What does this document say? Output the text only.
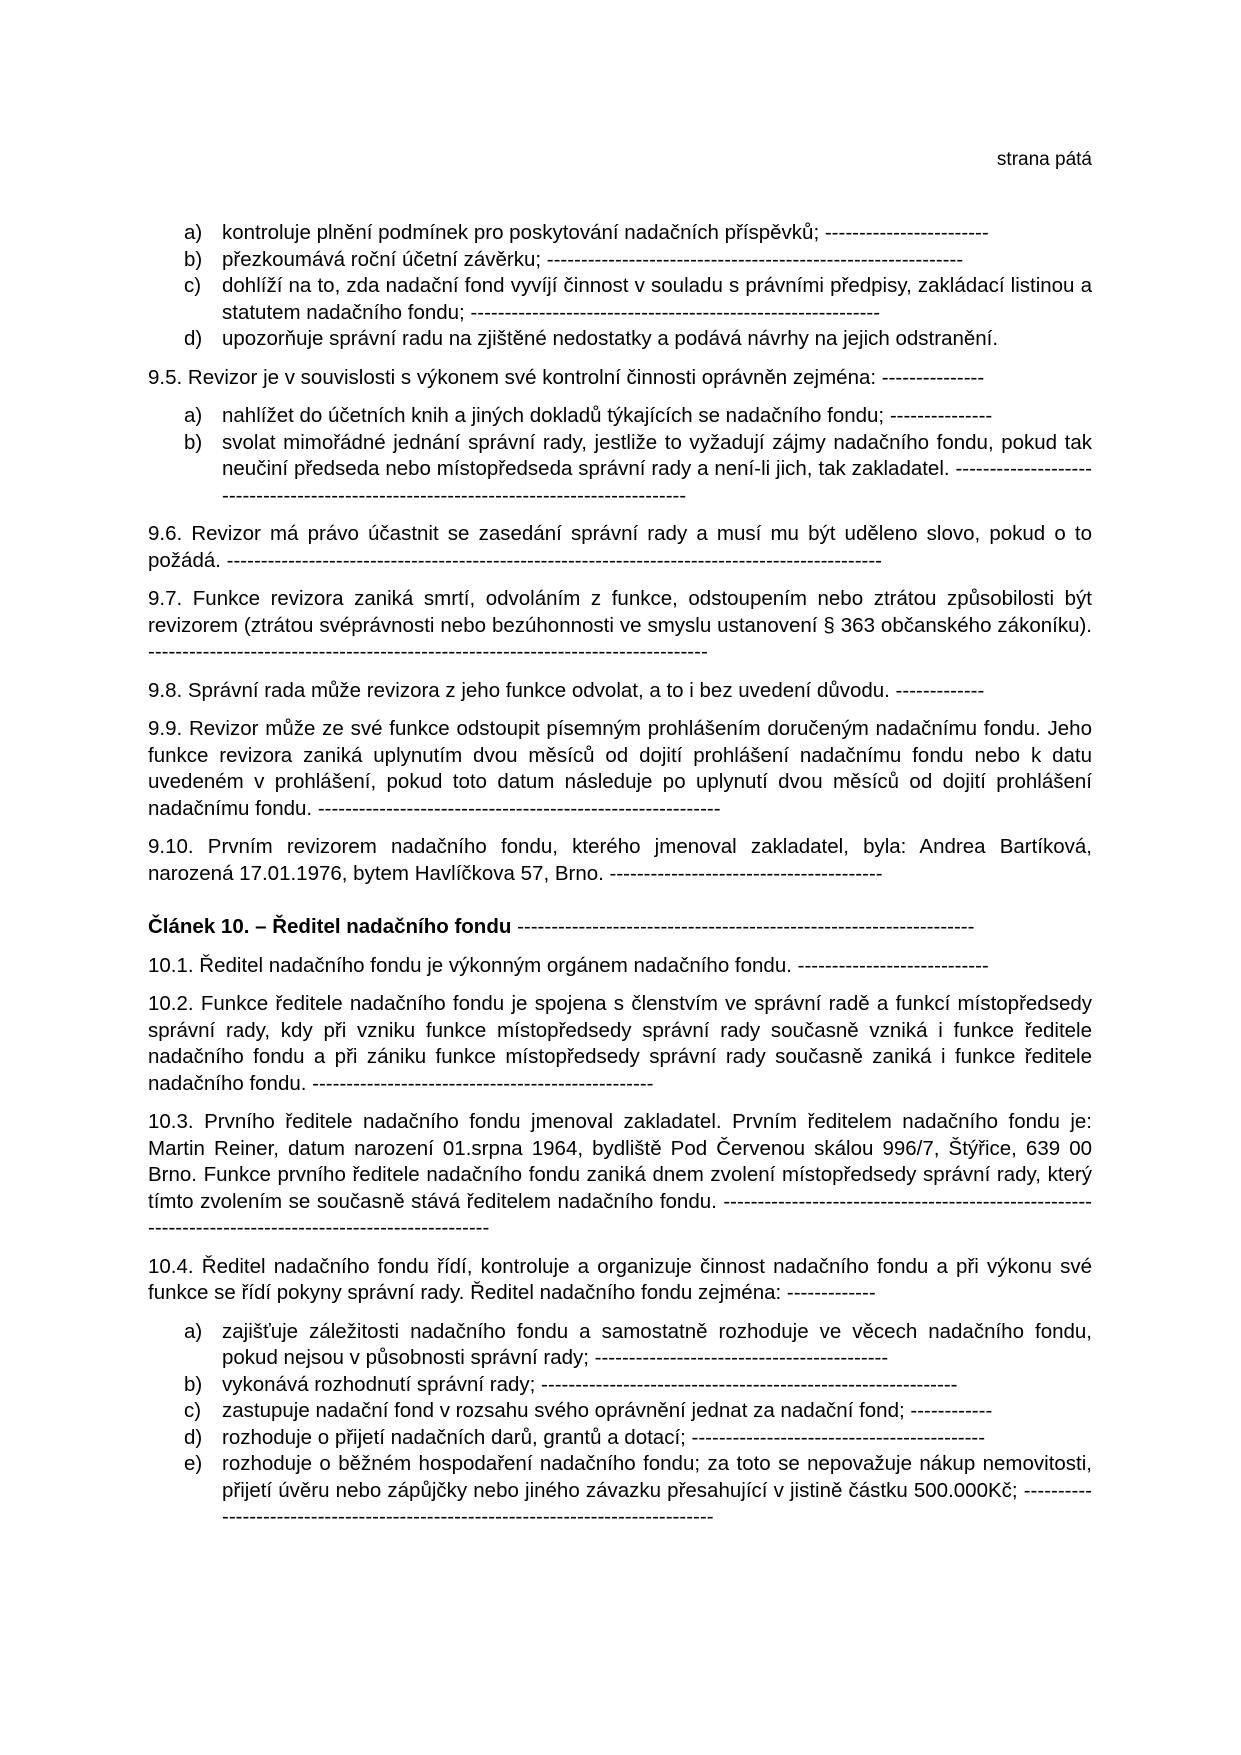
strana pátá
a) kontroluje plnění podmínek pro poskytování nadačních příspěvků; ------------------------
b) přezkoumává roční účetní závěrku; -------------------------------------------------------------
c) dohlíží na to, zda nadační fond vyvíjí činnost v souladu s právními předpisy, zakládací listinou a statutem nadačního fondu; ------------------------------------------------------------
d) upozorňuje správní radu na zjištěné nedostatky a podává návrhy na jejich odstranění.
9.5. Revizor je v souvislosti s výkonem své kontrolní činnosti oprávněn zejména: ---------------
a) nahlížet do účetních knih a jiných dokladů týkajících se nadačního fondu; ---------------
b) svolat mimořádné jednání správní rady, jestliže to vyžadují zájmy nadačního fondu, pokud tak neučiní předseda nebo místopředseda správní rady a není-li jich, tak zakladatel. ----------------------------------------------------------------------------------------
9.6. Revizor má právo účastnit se zasedání správní rady a musí mu být uděleno slovo, pokud o to požádá. ------------------------------------------------------------------------------------------------
9.7. Funkce revizora zaniká smrtí, odvoláním z funkce, odstoupením nebo ztrátou způsobilosti být revizorem (ztrátou svéprávnosti nebo bezúhonnosti ve smyslu ustanovení § 363 občanského zákoníku). ----------------------------------------------------------------------------------
9.8. Správní rada může revizora z jeho funkce odvolat, a to i bez uvedení důvodu. -------------
9.9. Revizor může ze své funkce odstoupit písemným prohlášením doručeným nadačnímu fondu. Jeho funkce revizora zaniká uplynutím dvou měsíců od dojití prohlášení nadačnímu fondu nebo k datu uvedeném v prohlášení, pokud toto datum následuje po uplynutí dvou měsíců od dojití prohlášení nadačnímu fondu. -----------------------------------------------------------
9.10. Prvním revizorem nadačního fondu, kterého jmenoval zakladatel, byla: Andrea Bartíková, narozená 17.01.1976, bytem Havlíčkova 57, Brno. ----------------------------------------
Článek 10. – Ředitel nadačního fondu -------------------------------------------------------------------
10.1. Ředitel nadačního fondu je výkonným orgánem nadačního fondu. ----------------------------
10.2. Funkce ředitele nadačního fondu je spojena s členstvím ve správní radě a funkcí místopředsedy správní rady, kdy při vzniku funkce místopředsedy správní rady současně vzniká i funkce ředitele nadačního fondu a při zániku funkce místopředsedy správní rady současně zaniká i funkce ředitele nadačního fondu. --------------------------------------------------
10.3. Prvního ředitele nadačního fondu jmenoval zakladatel. Prvním ředitelem nadačního fondu je: Martin Reiner, datum narození 01.srpna 1964, bydliště Pod Červenou skálou 996/7, Štýřice, 639 00 Brno. Funkce prvního ředitele nadačního fondu zaniká dnem zvolení místopředsedy správní rady, který tímto zvolením se současně stává ředitelem nadačního fondu. --------------------------------------------------------------------------------------------------------
10.4. Ředitel nadačního fondu řídí, kontroluje a organizuje činnost nadačního fondu a při výkonu své funkce se řídí pokyny správní rady. Ředitel nadačního fondu zejména: -------------
a) zajišťuje záležitosti nadačního fondu a samostatně rozhoduje ve věcech nadačního fondu, pokud nejsou v působnosti správní rady; -------------------------------------------
b) vykonává rozhodnutí správní rady; -------------------------------------------------------------
c) zastupuje nadační fond v rozsahu svého oprávnění jednat za nadační fond; ------------
d) rozhoduje o přijetí nadačních darů, grantů a dotací; -------------------------------------------
e) rozhoduje o běžném hospodaření nadačního fondu; za toto se nepovažuje nákup nemovitosti, přijetí úvěru nebo zápůjčky nebo jiného závazku přesahující v jistině částku 500.000Kč; ----------------------------------------------------------------------------------
